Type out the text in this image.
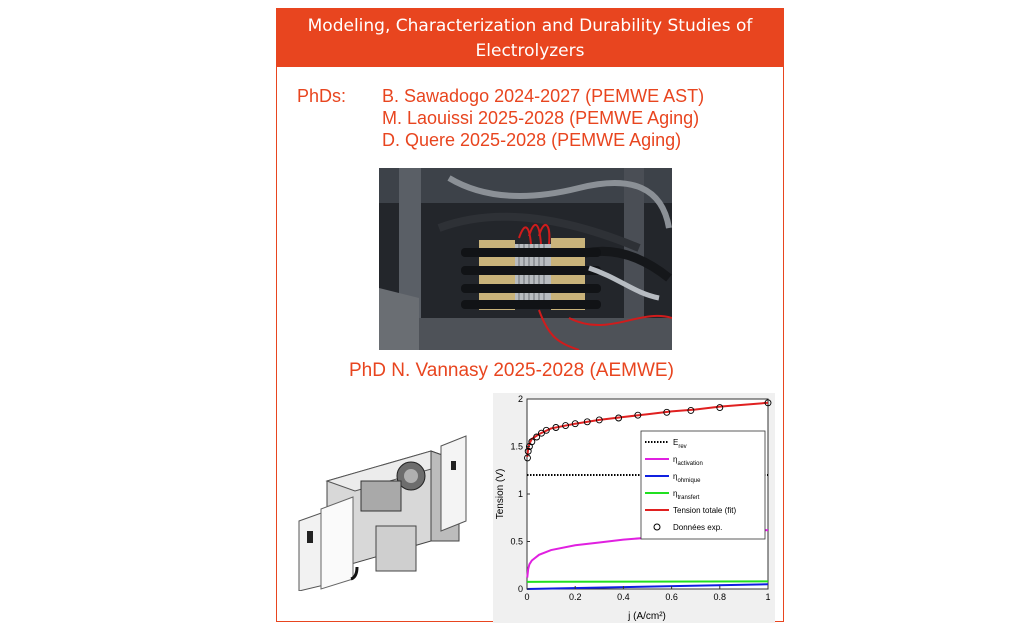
Modeling, Characterization and Durability Studies of
Electrolyzers
PhDs: B. Sawadogo 2024-2027 (PEMWE AST)
M. Laouissi 2025-2028 (PEMWE Aging)
D. Quere 2025-2028 (PEMWE Aging)
PhD N. Vannasy 2025-2028 (AEMWE)
0	0.2	0.4	0.6	0.8	1
0
0.5
1
1.5
2
$E_{rev}$
$\eta_{activation}$
$\eta_{ohmique}$
$\eta_{transfert}$
Tension totale (fit)
Données exp.
j (A/cm²)
Tension (V)
